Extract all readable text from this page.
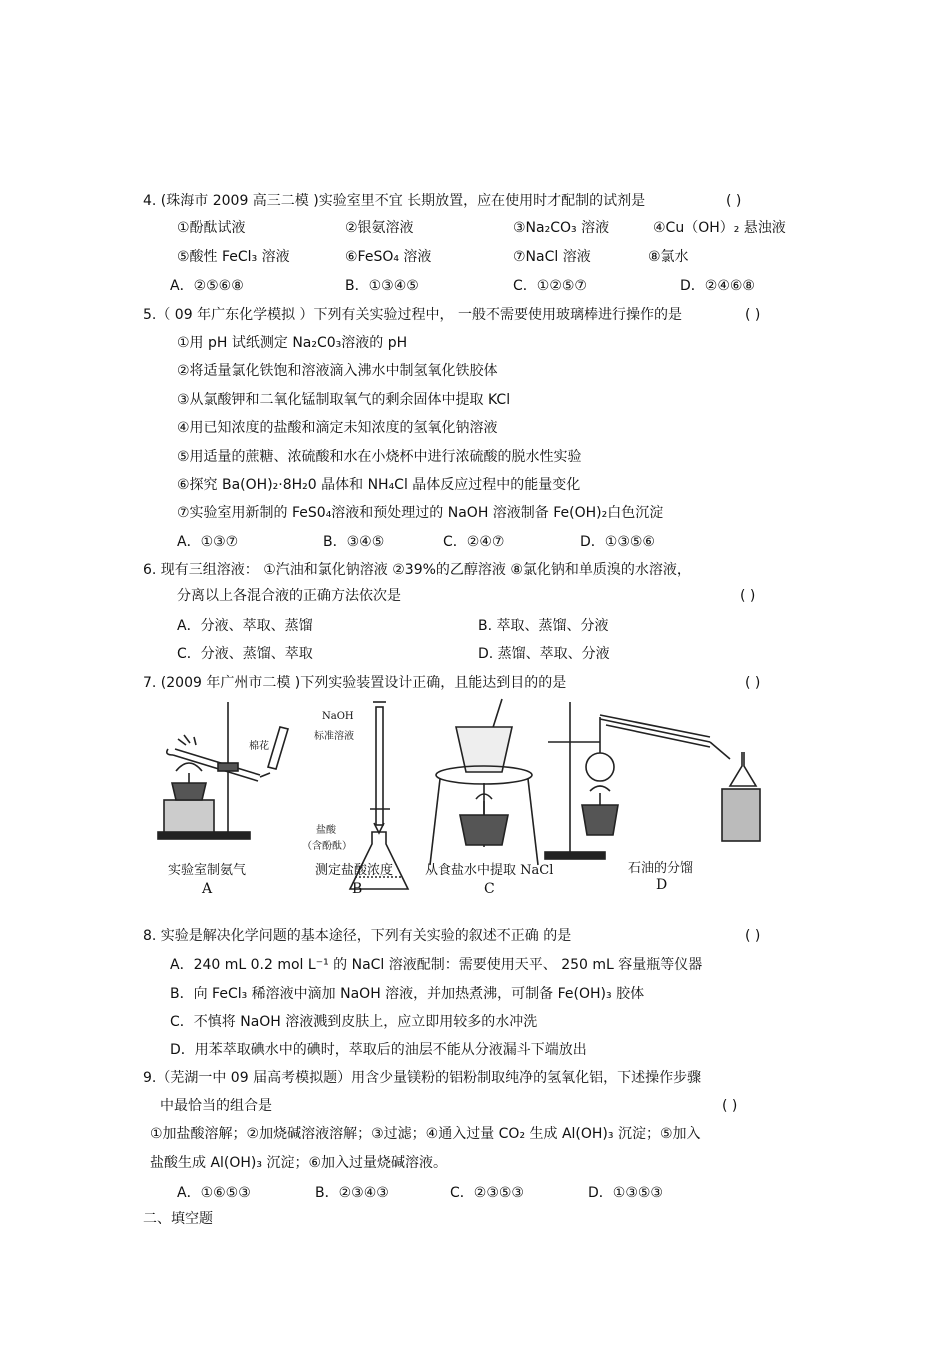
4. (珠海市 2009 高三二模 )实验室里不宜 长期放置，应在使用时才配制的试剂是	( )
①酚酞试液	②银氨溶液	③Na₂CO₃ 溶液	④Cu（OH）₂ 悬浊液
⑤酸性 FeCl₃ 溶液	⑥FeSO₄ 溶液	⑦NaCl 溶液	⑧氯水
A．②⑤⑥⑧	B．①③④⑤	C．①②⑤⑦	D．②④⑥⑧
5.（ 09 年广东化学模拟 ）下列有关实验过程中， 一般不需要使用玻璃棒进行操作的是	( )
①用 pH 试纸测定 Na₂C0₃溶液的 pH
②将适量氯化铁饱和溶液滴入沸水中制氢氧化铁胶体
③从氯酸钾和二氧化锰制取氧气的剩余固体中提取 KCl
④用已知浓度的盐酸和滴定未知浓度的氢氧化钠溶液
⑤用适量的蔗糖、浓硫酸和水在小烧杯中进行浓硫酸的脱水性实验
⑥探究 Ba(OH)₂·8H₂0 晶体和 NH₄Cl 晶体反应过程中的能量变化
⑦实验室用新制的 FeS0₄溶液和预处理过的 NaOH 溶液制备 Fe(OH)₂白色沉淀
A．①③⑦	B．③④⑤	C．②④⑦	D．①③⑤⑥
6. 现有三组溶液： ①汽油和氯化钠溶液 ②39%的乙醇溶液 ⑧氯化钠和单质溴的水溶液，
分离以上各混合液的正确方法依次是	( )
A．分液、萃取、蒸馏	B. 萃取、蒸馏、分液
C．分液、蒸馏、萃取	D. 蒸馏、萃取、分液
7. (2009 年广州市二模 )下列实验装置设计正确，且能达到目的的是	( )
棉花
NaOH
标准溶液
盐酸
（含酚酞）
实验室制氨气	测定盐酸浓度 从食盐水中提取 NaCl	石油的分馏
A	B	C	D
8. 实验是解决化学问题的基本途径，下列有关实验的叙述不正确 的是	( )
A．240 mL 0.2 mol L⁻¹ 的 NaCl 溶液配制：需要使用天平、 250 mL 容量瓶等仪器
B．向 FeCl₃ 稀溶液中滴加 NaOH 溶液，并加热煮沸，可制备 Fe(OH)₃ 胶体
C．不慎将 NaOH 溶液溅到皮肤上，应立即用较多的水冲洗
D．用苯萃取碘水中的碘时，萃取后的油层不能从分液漏斗下端放出
9.（芜湖一中 09 届高考模拟题）用含少量镁粉的铝粉制取纯净的氢氧化铝，下述操作步骤
中最恰当的组合是	( )
①加盐酸溶解；②加烧碱溶液溶解；③过滤；④通入过量 CO₂ 生成 Al(OH)₃ 沉淀；⑤加入
盐酸生成 Al(OH)₃ 沉淀；⑥加入过量烧碱溶液。
A．①⑥⑤③	B．②③④③	C．②③⑤③	D．①③⑤③
二、填空题
